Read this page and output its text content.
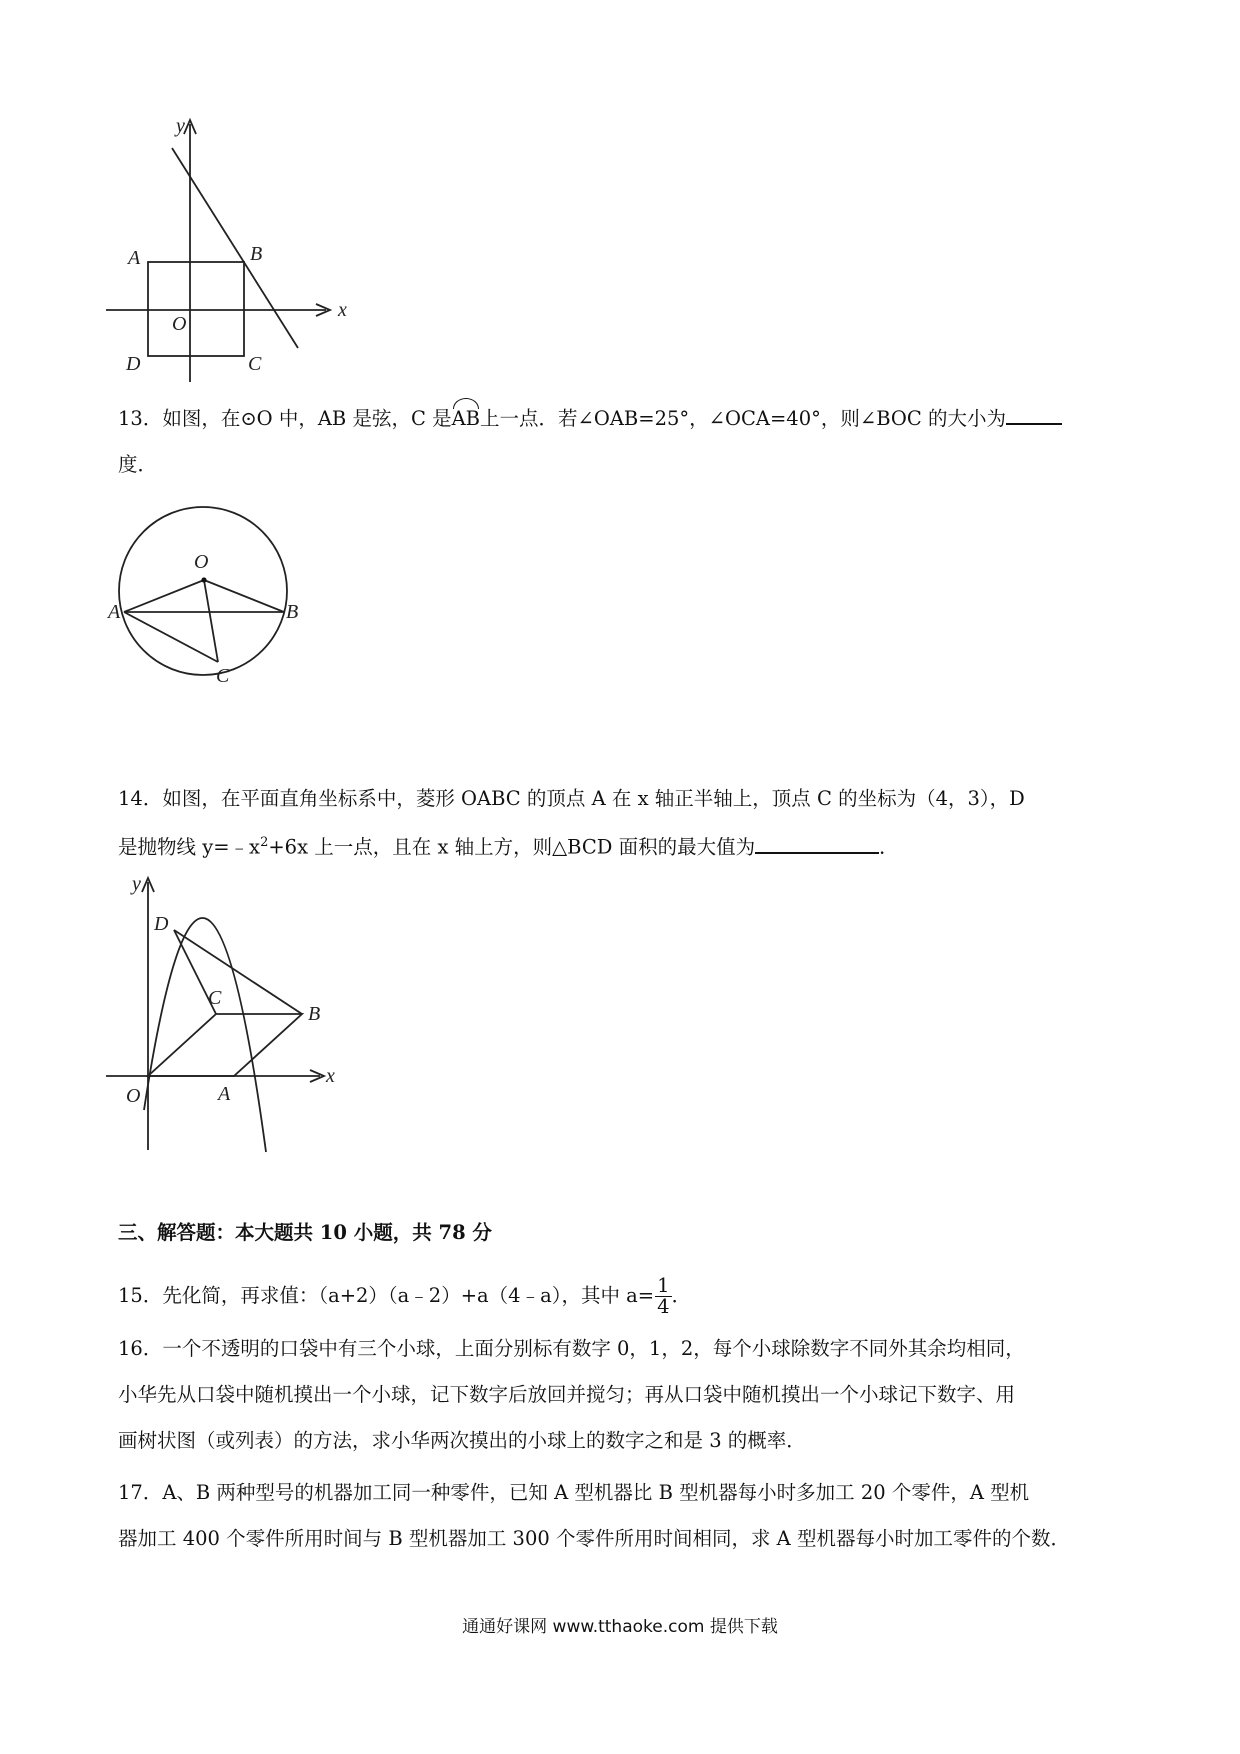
x
y
A	B
C
D
O
13．如图，在⊙O 中，AB 是弦，C 是AB上一点．若∠OAB=25°，∠OCA=40°，则∠BOC 的大小为
度．
O
A	B
C
14．如图，在平面直角坐标系中，菱形 OABC 的顶点 A 在 x 轴正半轴上，顶点 C 的坐标为（4，3），D
是抛物线 $y=﹣x^2+6x$ 上一点，且在 x 轴上方，则△BCD 面积的最大值为	．
x
y
O	A
B
C
D
三、解答题：本大题共 10 小题，共 78 分
15．先化简，再求值：（a+2）（a﹣2）+a（4﹣a），其中 $a= \frac{1}{4}$ ．
16．一个不透明的口袋中有三个小球，上面分别标有数字 0，1，2，每个小球除数字不同外其余均相同，
小华先从口袋中随机摸出一个小球，记下数字后放回并搅匀；再从口袋中随机摸出一个小球记下数字、用
画树状图（或列表）的方法，求小华两次摸出的小球上的数字之和是 3 的概率．
17．A、B 两种型号的机器加工同一种零件，已知 A 型机器比 B 型机器每小时多加工 20 个零件，A 型机
器加工 400 个零件所用时间与 B 型机器加工 300 个零件所用时间相同，求 A 型机器每小时加工零件的个数．
通通好课网 www.tthaoke.com 提供下载
